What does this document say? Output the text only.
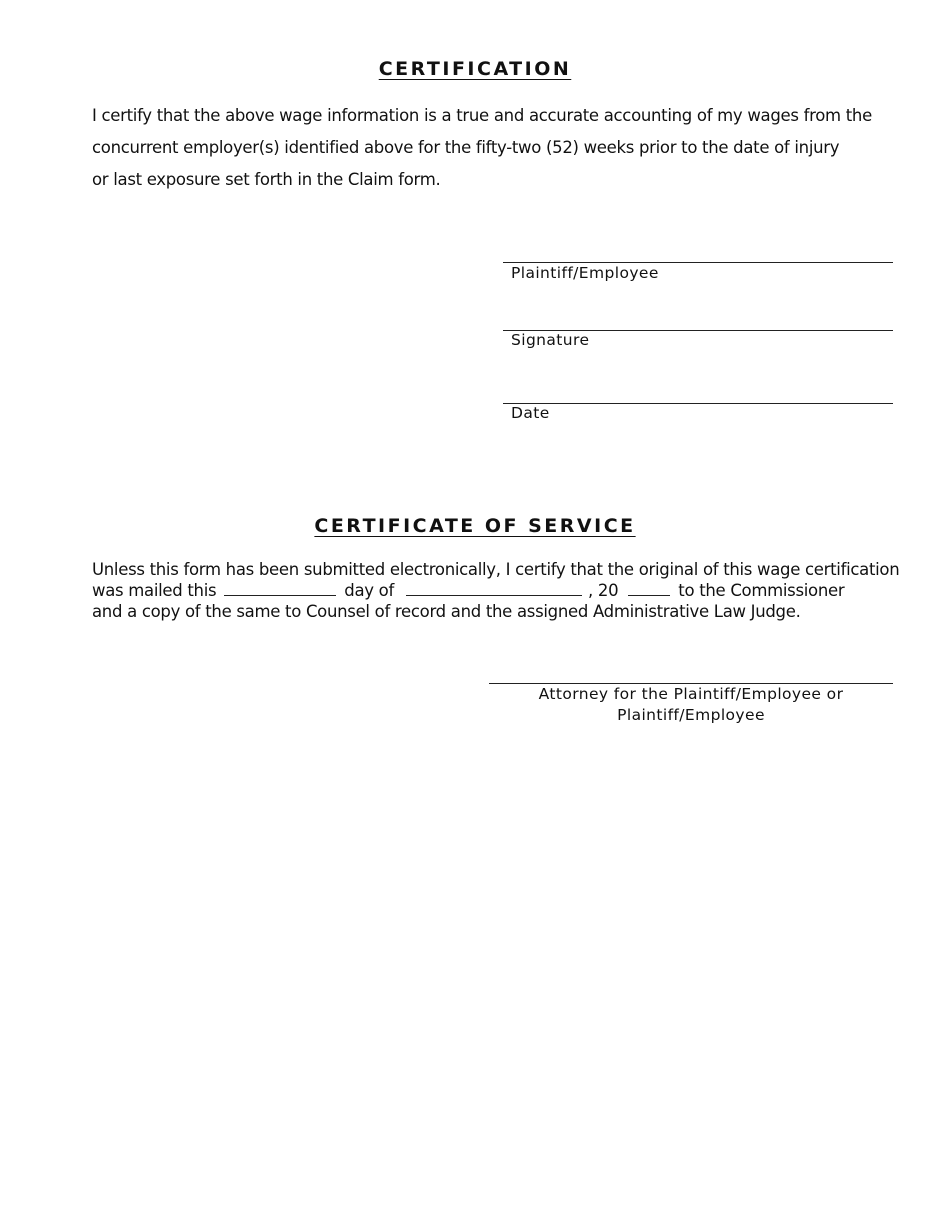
CERTIFICATION

I certify that the above wage information is a true and accurate accounting of my wages from the

concurrent employer(s) identified above for the fifty-two (52) weeks prior to the date of injury

or last exposure set forth in the Claim form.

Plaintiff/Employee

Signature

Date

CERTIFICATE OF SERVICE

Unless this form has been submitted electronically, I certify that the original of this wage certification

was mailed this	day of	, 20	to the Commissioner

and a copy of the same to Counsel of record and the assigned Administrative Law Judge.

Attorney for the Plaintiff/Employee or

Plaintiff/Employee
